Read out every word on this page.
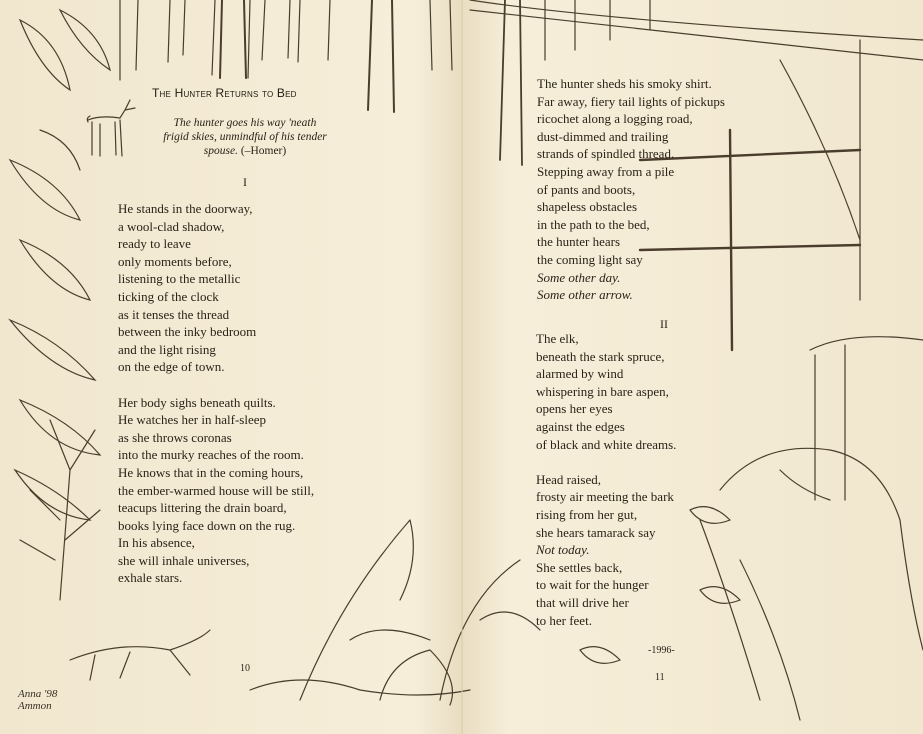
The Hunter Returns to Bed
The hunter goes his way 'neath frigid skies, unmindful of his tender spouse. (–Homer)
I
He stands in the doorway,
a wool-clad shadow,
ready to leave
only moments before,
listening to the metallic
ticking of the clock
as it tenses the thread
between the inky bedroom
and the light rising
on the edge of town.
Her body sighs beneath quilts.
He watches her in half-sleep
as she throws coronas
into the murky reaches of the room.
He knows that in the coming hours,
the ember-warmed house will be still,
teacups littering the drain board,
books lying face down on the rug.
In his absence,
she will inhale universes,
exhale stars.
10
The hunter sheds his smoky shirt.
Far away, fiery tail lights of pickups
ricochet along a logging road,
dust-dimmed and trailing
strands of spindled thread.
Stepping away from a pile
of pants and boots,
shapeless obstacles
in the path to the bed,
the hunter hears
the coming light say
Some other day.
Some other arrow.
II
The elk,
beneath the stark spruce,
alarmed by wind
whispering in bare aspen,
opens her eyes
against the edges
of black and white dreams.
Head raised,
frosty air meeting the bark
rising from her gut,
she hears tamarack say
Not today.
She settles back,
to wait for the hunger
that will drive her
to her feet.
-1996-
11
Anna '98
Ammon
